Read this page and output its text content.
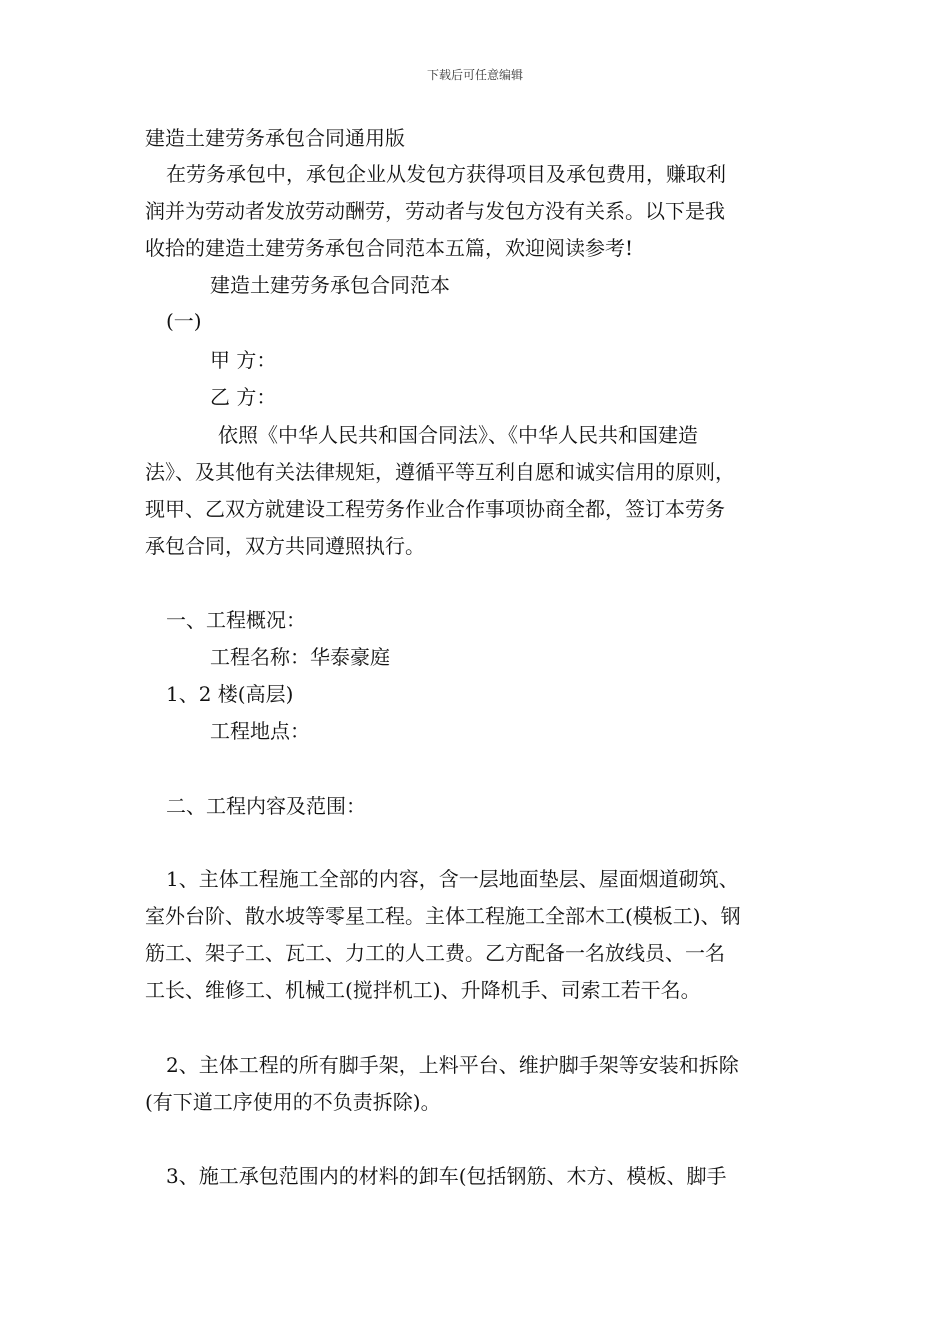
下载后可任意编辑
建造土建劳务承包合同通用版
在劳务承包中，承包企业从发包方获得项目及承包费用，赚取利
润并为劳动者发放劳动酬劳，劳动者与发包方没有关系。以下是我
收拾的建造土建劳务承包合同范本五篇，欢迎阅读参考!
建造土建劳务承包合同范本
(一)
甲 方：
乙 方：
依照《中华人民共和国合同法》、《中华人民共和国建造
法》、及其他有关法律规矩，遵循平等互利自愿和诚实信用的原则，
现甲、乙双方就建设工程劳务作业合作事项协商全都，签订本劳务
承包合同，双方共同遵照执行。
一、工程概况：
工程名称：华泰豪庭
1、2 楼(高层)
工程地点：
二、工程内容及范围：
1、主体工程施工全部的内容，含一层地面垫层、屋面烟道砌筑、
室外台阶、散水坡等零星工程。主体工程施工全部木工(模板工)、钢
筋工、架子工、瓦工、力工的人工费。乙方配备一名放线员、一名
工长、维修工、机械工(搅拌机工)、升降机手、司索工若干名。
2、主体工程的所有脚手架，上料平台、维护脚手架等安装和拆除
(有下道工序使用的不负责拆除)。
3、施工承包范围内的材料的卸车(包括钢筋、木方、模板、脚手
